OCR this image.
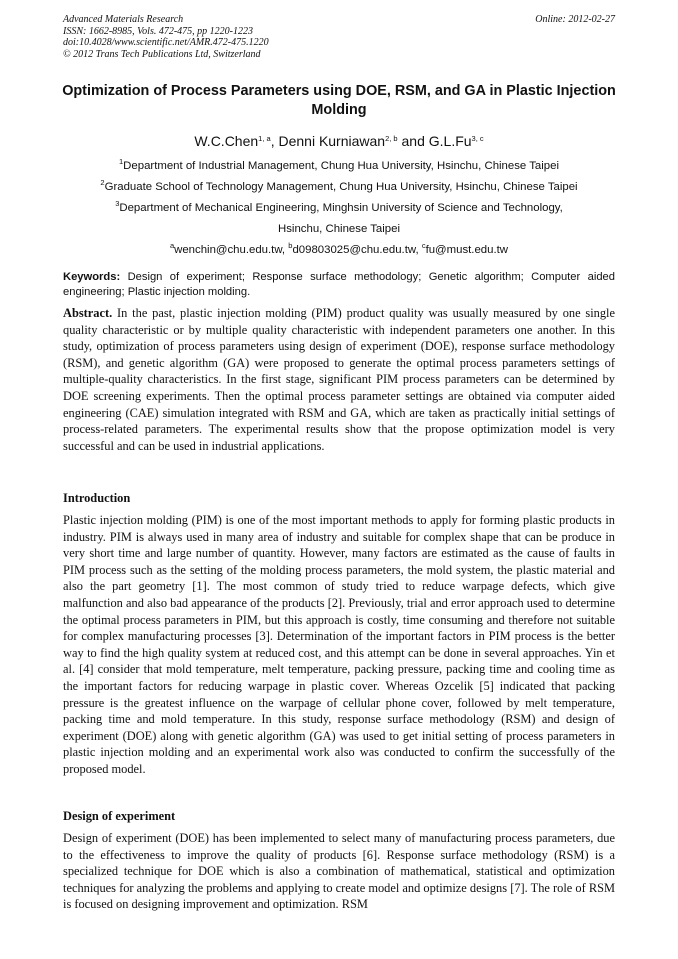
Advanced Materials Research
ISSN: 1662-8985, Vols. 472-475, pp 1220-1223
doi:10.4028/www.scientific.net/AMR.472-475.1220
© 2012 Trans Tech Publications Ltd, Switzerland
Online: 2012-02-27
Optimization of Process Parameters using DOE, RSM, and GA in Plastic Injection Molding
W.C.Chen$^{1, a}$, Denni Kurniawan$^{2, b}$ and G.L.Fu$^{3, c}$
$^1$Department of Industrial Management, Chung Hua University, Hsinchu, Chinese Taipei
$^2$Graduate School of Technology Management, Chung Hua University, Hsinchu, Chinese Taipei
$^3$Department of Mechanical Engineering, Minghsin University of Science and Technology,
Hsinchu, Chinese Taipei
$^a$wenchin@chu.edu.tw, $^b$d09803025@chu.edu.tw, $^c$fu@must.edu.tw
Keywords: Design of experiment; Response surface methodology; Genetic algorithm; Computer aided engineering; Plastic injection molding.
Abstract. In the past, plastic injection molding (PIM) product quality was usually measured by one single quality characteristic or by multiple quality characteristic with independent parameters one another. In this study, optimization of process parameters using design of experiment (DOE), response surface methodology (RSM), and genetic algorithm (GA) were proposed to generate the optimal process parameters settings of multiple-quality characteristics. In the first stage, significant PIM process parameters can be determined by DOE screening experiments. Then the optimal process parameter settings are obtained via computer aided engineering (CAE) simulation integrated with RSM and GA, which are taken as practically initial settings of process-related parameters. The experimental results show that the propose optimization model is very successful and can be used in industrial applications.
Introduction
Plastic injection molding (PIM) is one of the most important methods to apply for forming plastic products in industry. PIM is always used in many area of industry and suitable for complex shape that can be produce in very short time and large number of quantity. However, many factors are estimated as the cause of faults in PIM process such as the setting of the molding process parameters, the mold system, the plastic material and also the part geometry [1]. The most common of study tried to reduce warpage defects, which give malfunction and also bad appearance of the products [2]. Previously, trial and error approach used to determine the optimal process parameters in PIM, but this approach is costly, time consuming and therefore not suitable for complex manufacturing processes [3]. Determination of the important factors in PIM process is the better way to find the high quality system at reduced cost, and this attempt can be done in several approaches. Yin et al. [4] consider that mold temperature, melt temperature, packing pressure, packing time and cooling time as the important factors for reducing warpage in plastic cover. Whereas Ozcelik [5] indicated that packing pressure is the greatest influence on the warpage of cellular phone cover, followed by melt temperature, packing time and mold temperature. In this study, response surface methodology (RSM) and design of experiment (DOE) along with genetic algorithm (GA) was used to get initial setting of process parameters in plastic injection molding and an experimental work also was conducted to confirm the successfully of the proposed model.
Design of experiment
Design of experiment (DOE) has been implemented to select many of manufacturing process parameters, due to the effectiveness to improve the quality of products [6]. Response surface methodology (RSM) is a specialized technique for DOE which is also a combination of mathematical, statistical and optimization techniques for analyzing the problems and applying to create model and optimize designs [7]. The role of RSM is focused on designing improvement and optimization. RSM
